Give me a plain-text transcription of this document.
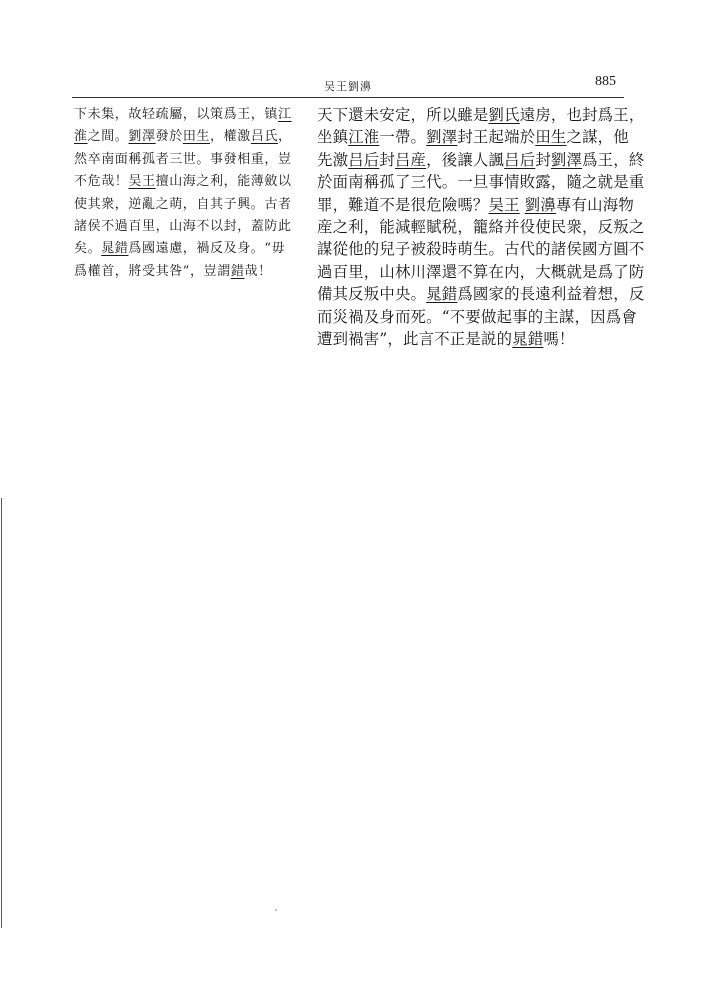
吴王劉濞	885
下未集，故轻疏屬，以策爲王，镇江
淮之間。劉澤發於田生，權激吕氏，
然卒南面稱孤者三世。事發相重，豈
不危哉！吴王擅山海之利，能薄斂以
使其衆，逆亂之萌，自其子興。古者
諸侯不過百里，山海不以封，蓋防此
矣。晁錯爲國遠慮，禍反及身。“毋
爲權首，將受其咎”，豈謂錯哉！
天下還未安定，所以雖是劉氏遠房，也封爲王，
坐鎮江淮一帶。劉澤封王起端於田生之謀，他
先激吕后封吕産，後讓人諷吕后封劉澤爲王，終
於面南稱孤了三代。一旦事情敗露，隨之就是重
罪，難道不是很危險嗎？吴王 劉濞專有山海物
産之利，能減輕賦税，籠絡并役使民衆，反叛之
謀從他的兒子被殺時萌生。古代的諸侯國方圓不
過百里，山林川澤還不算在内，大概就是爲了防
備其反叛中央。晁錯爲國家的長遠利益着想，反
而災禍及身而死。“不要做起事的主謀，因爲會
遭到禍害”，此言不正是説的晁錯嗎！
